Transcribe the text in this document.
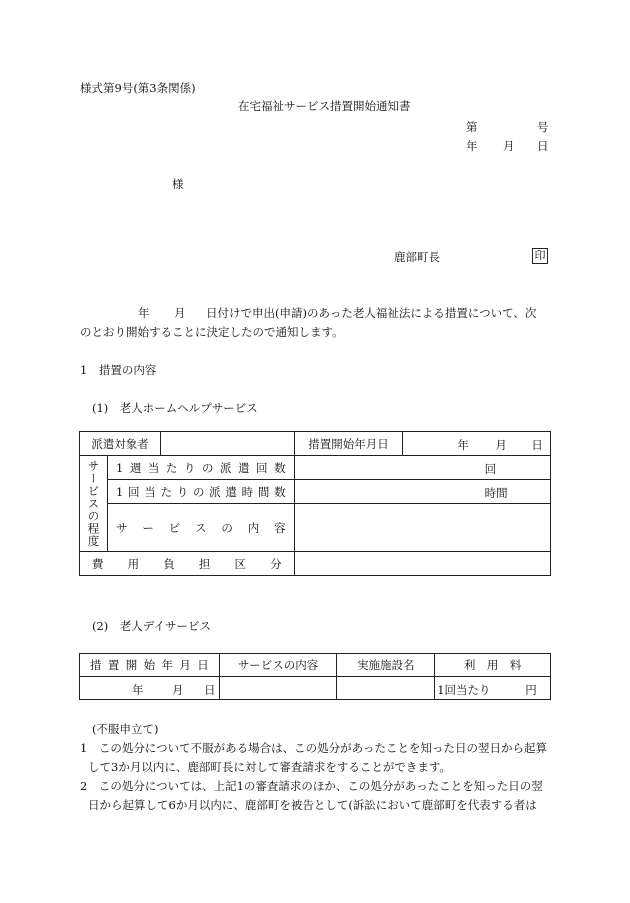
様式第9号(第3条関係)
在宅福祉サービス措置開始通知書
第	号
年 月 日
様
鹿部町長	印
年 月 日付けで申出(申請)のあった老人福祉法による措置について、次
のとおり開始することに決定したので通知します。
1　措置の内容
(1)　老人ホームヘルプサービス
派遣対象者		措置開始年月日	年 月 日

サービスの程度	1週当たりの派遣回数	回	

	1回当たりの派遣時間数	時間	

	サービスの内容		

費用負担区分			

(2)　老人デイサービス
措置開始年月日	サービスの内容	実施施設名	利　用　料

年 月 日			1回当たり 円
(不服申立て)
1　この処分について不服がある場合は、この処分があったことを知った日の翌日から起算
して3か月以内に、鹿部町長に対して審査請求をすることができます。
2　この処分については、上記1の審査請求のほか、この処分があったことを知った日の翌
日から起算して6か月以内に、鹿部町を被告として(訴訟において鹿部町を代表する者は
